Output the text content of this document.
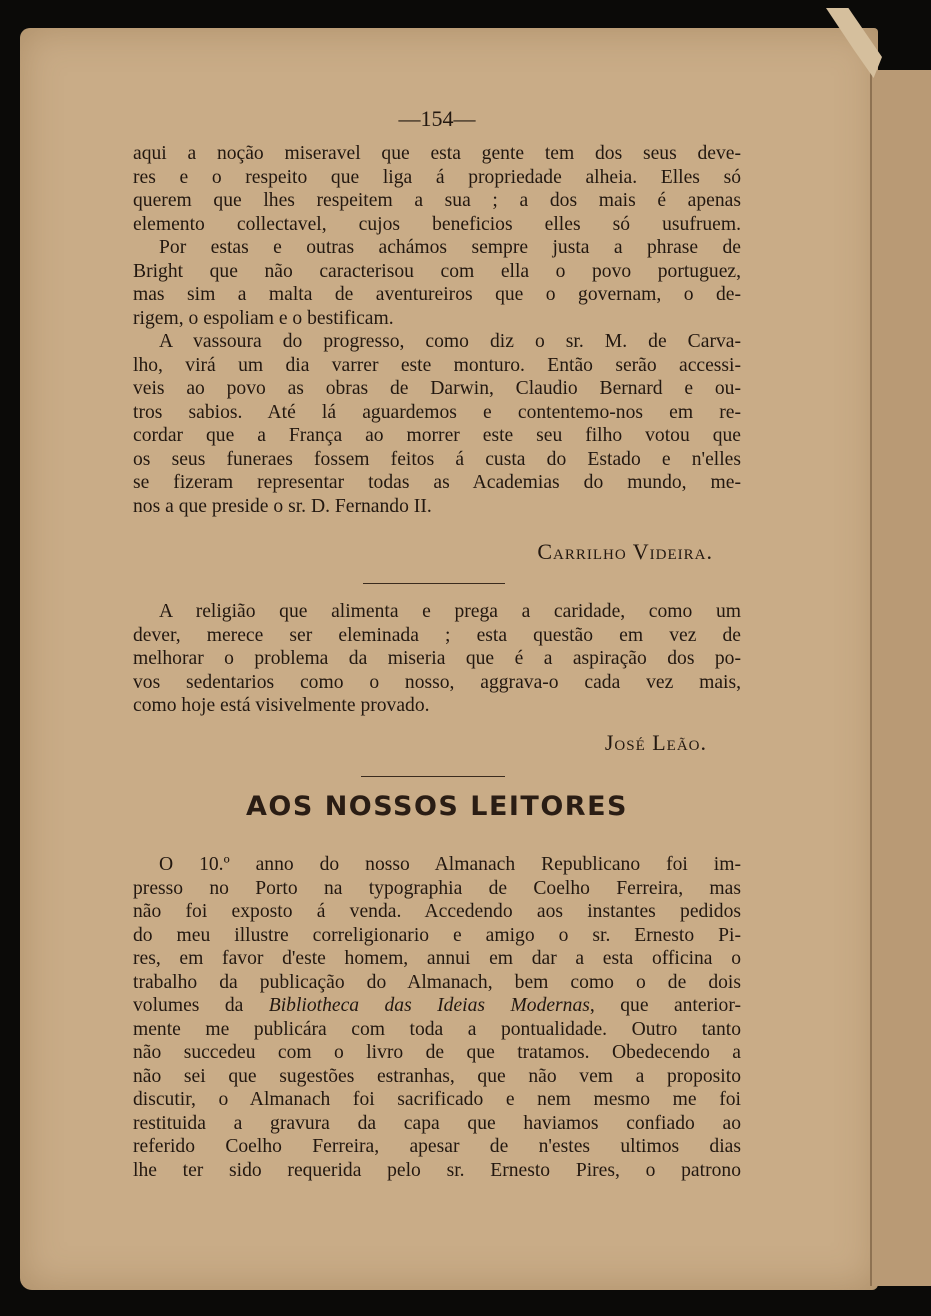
—154—
aqui a noção miseravel que esta gente tem dos seus deve-
res e o respeito que liga á propriedade alheia. Elles só
querem que lhes respeitem a sua ; a dos mais é apenas
elemento collectavel, cujos beneficios elles só usufruem.
Por estas e outras achámos sempre justa a phrase de
Bright que não caracterisou com ella o povo portuguez,
mas sim a malta de aventureiros que o governam, o de-
rigem, o espoliam e o bestificam.
A vassoura do progresso, como diz o sr. M. de Carva-
lho, virá um dia varrer este monturo. Então serão accessi-
veis ao povo as obras de Darwin, Claudio Bernard e ou-
tros sabios. Até lá aguardemos e contentemo-nos em re-
cordar que a França ao morrer este seu filho votou que
os seus funeraes fossem feitos á custa do Estado e n'elles
se fizeram representar todas as Academias do mundo, me-
nos a que preside o sr. D. Fernando II.
Carrilho Videira.
A religião que alimenta e prega a caridade, como um
dever, merece ser eleminada ; esta questão em vez de
melhorar o problema da miseria que é a aspiração dos po-
vos sedentarios como o nosso, aggrava-o cada vez mais,
como hoje está visivelmente provado.
José Leão.
AOS NOSSOS LEITORES
O 10.º anno do nosso Almanach Republicano foi im-
presso no Porto na typographia de Coelho Ferreira, mas
não foi exposto á venda. Accedendo aos instantes pedidos
do meu illustre correligionario e amigo o sr. Ernesto Pi-
res, em favor d'este homem, annui em dar a esta officina o
trabalho da publicação do Almanach, bem como o de dois
volumes da Bibliotheca das Ideias Modernas, que anterior-
mente me publicára com toda a pontualidade. Outro tanto
não succedeu com o livro de que tratamos. Obedecendo a
não sei que sugestões estranhas, que não vem a proposito
discutir, o Almanach foi sacrificado e nem mesmo me foi
restituida a gravura da capa que haviamos confiado ao
referido Coelho Ferreira, apesar de n'estes ultimos dias
lhe ter sido requerida pelo sr. Ernesto Pires, o patrono
